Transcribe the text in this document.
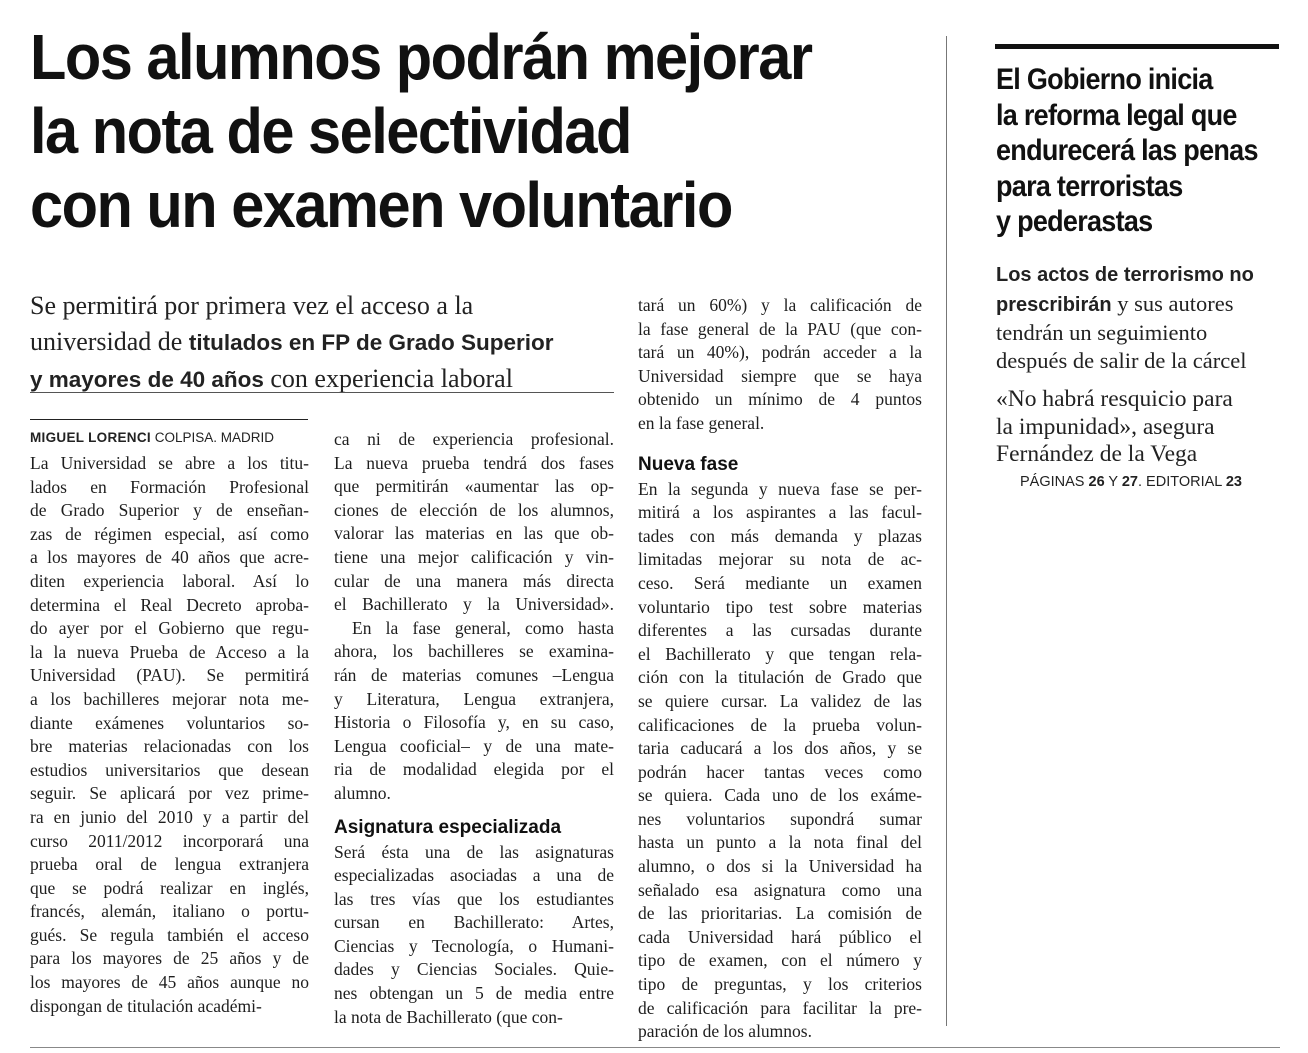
Los alumnos podrán mejorar
la nota de selectividad
con un examen voluntario
Se permitirá por primera vez el acceso a la
universidad de titulados en FP de Grado Superior
y mayores de 40 años con experiencia laboral
MIGUEL LORENCI COLPISA. MADRID
La Universidad se abre a los titu-
lados en Formación Profesional
de Grado Superior y de enseñan-
zas de régimen especial, así como
a los mayores de 40 años que acre-
diten experiencia laboral. Así lo
determina el Real Decreto aproba-
do ayer por el Gobierno que regu-
la la nueva Prueba de Acceso a la
Universidad (PAU). Se permitirá
a los bachilleres mejorar nota me-
diante exámenes voluntarios so-
bre materias relacionadas con los
estudios universitarios que desean
seguir. Se aplicará por vez prime-
ra en junio del 2010 y a partir del
curso 2011/2012 incorporará una
prueba oral de lengua extranjera
que se podrá realizar en inglés,
francés, alemán, italiano o portu-
gués. Se regula también el acceso
para los mayores de 25 años y de
los mayores de 45 años aunque no
dispongan de titulación académi-
ca ni de experiencia profesional.
La nueva prueba tendrá dos fases
que permitirán «aumentar las op-
ciones de elección de los alumnos,
valorar las materias en las que ob-
tiene una mejor calificación y vin-
cular de una manera más directa
el Bachillerato y la Universidad».
En la fase general, como hasta
ahora, los bachilleres se examina-
rán de materias comunes –Lengua
y Literatura, Lengua extranjera,
Historia o Filosofía y, en su caso,
Lengua cooficial– y de una mate-
ria de modalidad elegida por el
alumno.
Asignatura especializada
Será ésta una de las asignaturas
especializadas asociadas a una de
las tres vías que los estudiantes
cursan en Bachillerato: Artes,
Ciencias y Tecnología, o Humani-
dades y Ciencias Sociales. Quie-
nes obtengan un 5 de media entre
la nota de Bachillerato (que con-
tará un 60%) y la calificación de
la fase general de la PAU (que con-
tará un 40%), podrán acceder a la
Universidad siempre que se haya
obtenido un mínimo de 4 puntos
en la fase general.
Nueva fase
En la segunda y nueva fase se per-
mitirá a los aspirantes a las facul-
tades con más demanda y plazas
limitadas mejorar su nota de ac-
ceso. Será mediante un examen
voluntario tipo test sobre materias
diferentes a las cursadas durante
el Bachillerato y que tengan rela-
ción con la titulación de Grado que
se quiere cursar. La validez de las
calificaciones de la prueba volun-
taria caducará a los dos años, y se
podrán hacer tantas veces como
se quiera. Cada uno de los exáme-
nes voluntarios supondrá sumar
hasta un punto a la nota final del
alumno, o dos si la Universidad ha
señalado esa asignatura como una
de las prioritarias. La comisión de
cada Universidad hará público el
tipo de examen, con el número y
tipo de preguntas, y los criterios
de calificación para facilitar la pre-
paración de los alumnos.
El Gobierno inicia
la reforma legal que
endurecerá las penas
para terroristas
y pederastas
Los actos de terrorismo no
prescribirán y sus autores
tendrán un seguimiento
después de salir de la cárcel
«No habrá resquicio para
la impunidad», asegura
Fernández de la Vega
PÁGINAS 26 Y 27. EDITORIAL 23
